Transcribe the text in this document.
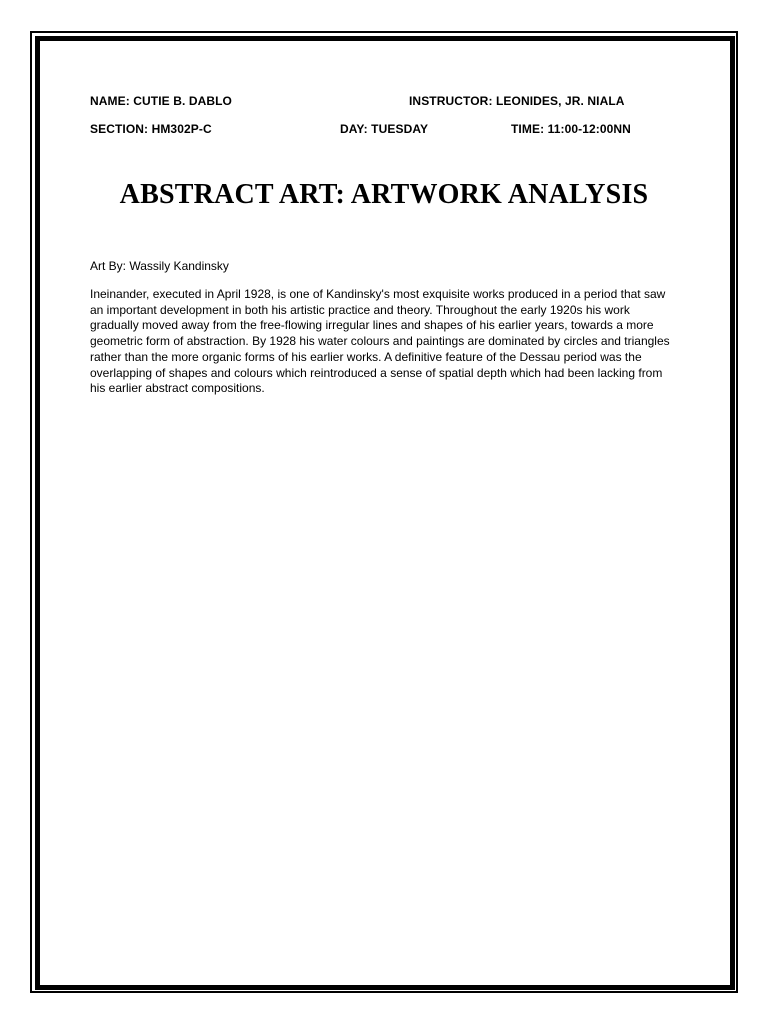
NAME: CUTIE B. DABLO	INSTRUCTOR: LEONIDES, JR. NIALA
SECTION: HM302P-C	DAY: TUESDAY	TIME: 11:00-12:00NN
ABSTRACT ART: ARTWORK ANALYSIS
Art By: Wassily Kandinsky

Ineinander, executed in April 1928, is one of Kandinsky's most exquisite works produced in a period that saw an important development in both his artistic practice and theory. Throughout the early 1920s his work gradually moved away from the free-flowing irregular lines and shapes of his earlier years, towards a more geometric form of abstraction. By 1928 his water colours and paintings are dominated by circles and triangles rather than the more organic forms of his earlier works. A definitive feature of the Dessau period was the overlapping of shapes and colours which reintroduced a sense of spatial depth which had been lacking from his earlier abstract compositions.
